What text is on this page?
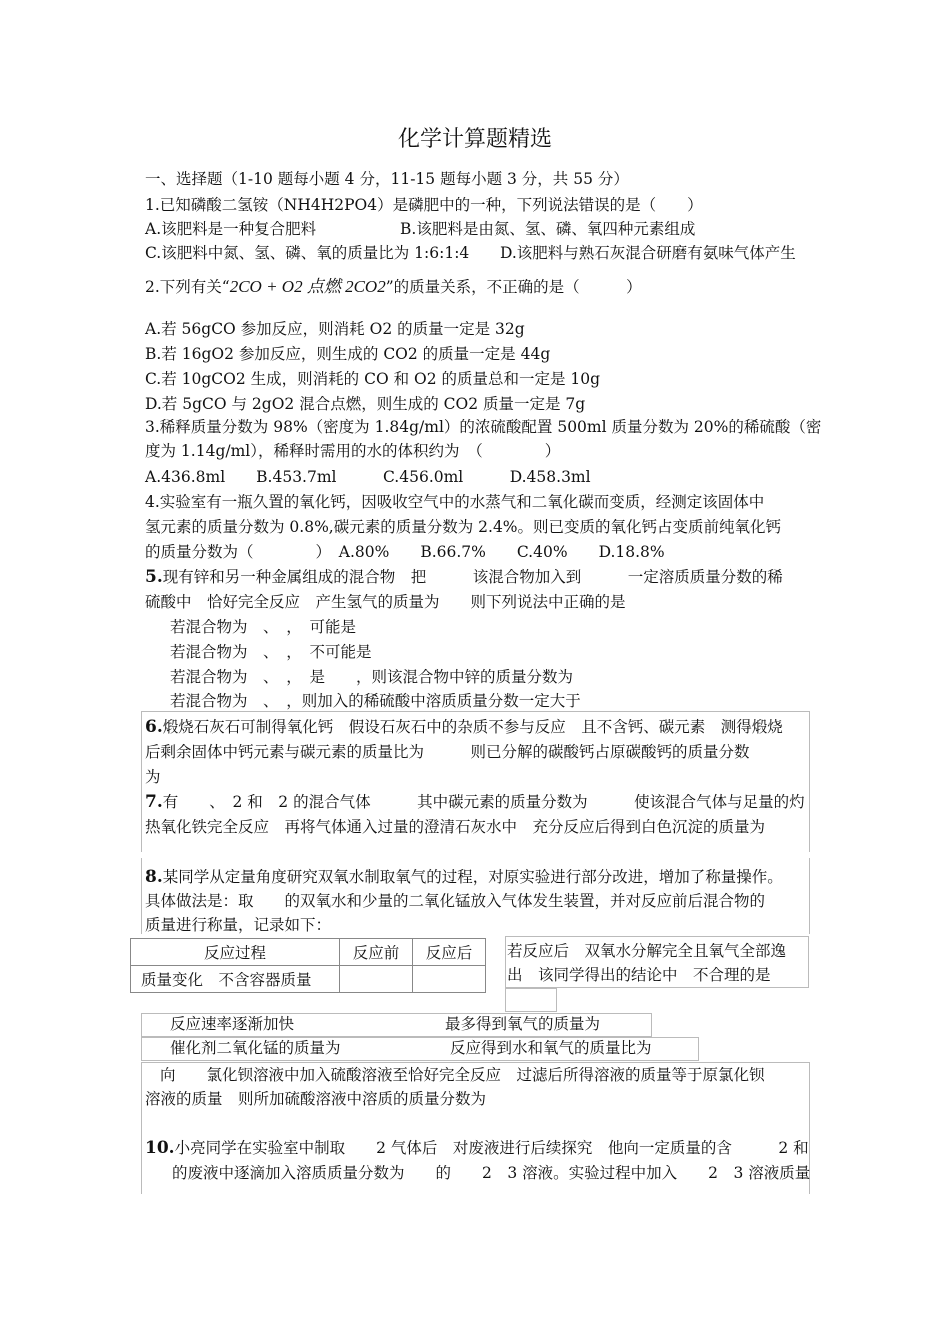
化学计算题精选
一、选择题（1-10 题每小题 4 分，11-15 题每小题 3 分，共 55 分）
1.已知磷酸二氢铵（NH4H2PO4）是磷肥中的一种，下列说法错误的是（　　）
A.该肥料是一种复合肥料	B.该肥料是由氮、氢、磷、氧四种元素组成
C.该肥料中氮、氢、磷、氧的质量比为 1:6:1:4 D.该肥料与熟石灰混合研磨有氨味气体产生
2.下列有关“2CO + O2 点燃 2CO2”的质量关系，不正确的是（　　　）
A.若 56gCO 参加反应，则消耗 O2 的质量一定是 32g
B.若 16gO2 参加反应，则生成的 CO2 的质量一定是 44g
C.若 10gCO2 生成，则消耗的 CO 和 O2 的质量总和一定是 10g
D.若 5gCO 与 2gO2 混合点燃，则生成的 CO2 质量一定是 7g
3.稀释质量分数为 98%（密度为 1.84g/ml）的浓硫酸配置 500ml 质量分数为 20%的稀硫酸（密
度为 1.14g/ml），稀释时需用的水的体积约为　（　　　　）
A.436.8ml　　B.453.7ml　　　C.456.0ml　　　D.458.3ml
4.实验室有一瓶久置的氧化钙，因吸收空气中的水蒸气和二氧化碳而变质，经测定该固体中
氢元素的质量分数为 0.8%,碳元素的质量分数为 2.4%。则已变质的氧化钙占变质前纯氧化钙
的质量分数为（　　　　）　A.80%　　B.66.7%　　C.40%　　D.18.8%
5.现有锌和另一种金属组成的混合物　把　　　该混合物加入到　　　一定溶质质量分数的稀
硫酸中　恰好完全反应　产生氢气的质量为　　则下列说法中正确的是
若混合物为　、　，　可能是
若混合物为　、　，　不可能是
若混合物为　、　，　是　　，则该混合物中锌的质量分数为
若混合物为　、　，则加入的稀硫酸中溶质质量分数一定大于
6.煅烧石灰石可制得氧化钙　假设石灰石中的杂质不参与反应　且不含钙、碳元素　测得煅烧
后剩余固体中钙元素与碳元素的质量比为　　　则已分解的碳酸钙占原碳酸钙的质量分数
为
7.有　　、　2 和　2 的混合气体　　　其中碳元素的质量分数为　　　使该混合气体与足量的灼
热氧化铁完全反应　再将气体通入过量的澄清石灰水中　充分反应后得到白色沉淀的质量为
8.某同学从定量角度研究双氧水制取氧气的过程，对原实验进行部分改进，增加了称量操作。
具体做法是：取　　的双氧水和少量的二氧化锰放入气体发生装置，并对反应前后混合物的
质量进行称量，记录如下：
反应过程	反应前	反应后
质量变化　不含容器质量		
若反应后　双氧水分解完全且氧气全部逸
出　该同学得出的结论中　不合理的是
反应速率逐渐加快	最多得到氧气的质量为
催化剂二氧化锰的质量为	反应得到水和氧气的质量比为
向　　氯化钡溶液中加入硫酸溶液至恰好完全反应　过滤后所得溶液的质量等于原氯化钡
溶液的质量　则所加硫酸溶液中溶质的质量分数为
10.小亮同学在实验室中制取　　2 气体后　对废液进行后续探究　他向一定质量的含　　　2 和
的废液中逐滴加入溶质质量分数为　　的　　2　3 溶液。实验过程中加入　　2　3 溶液质量
